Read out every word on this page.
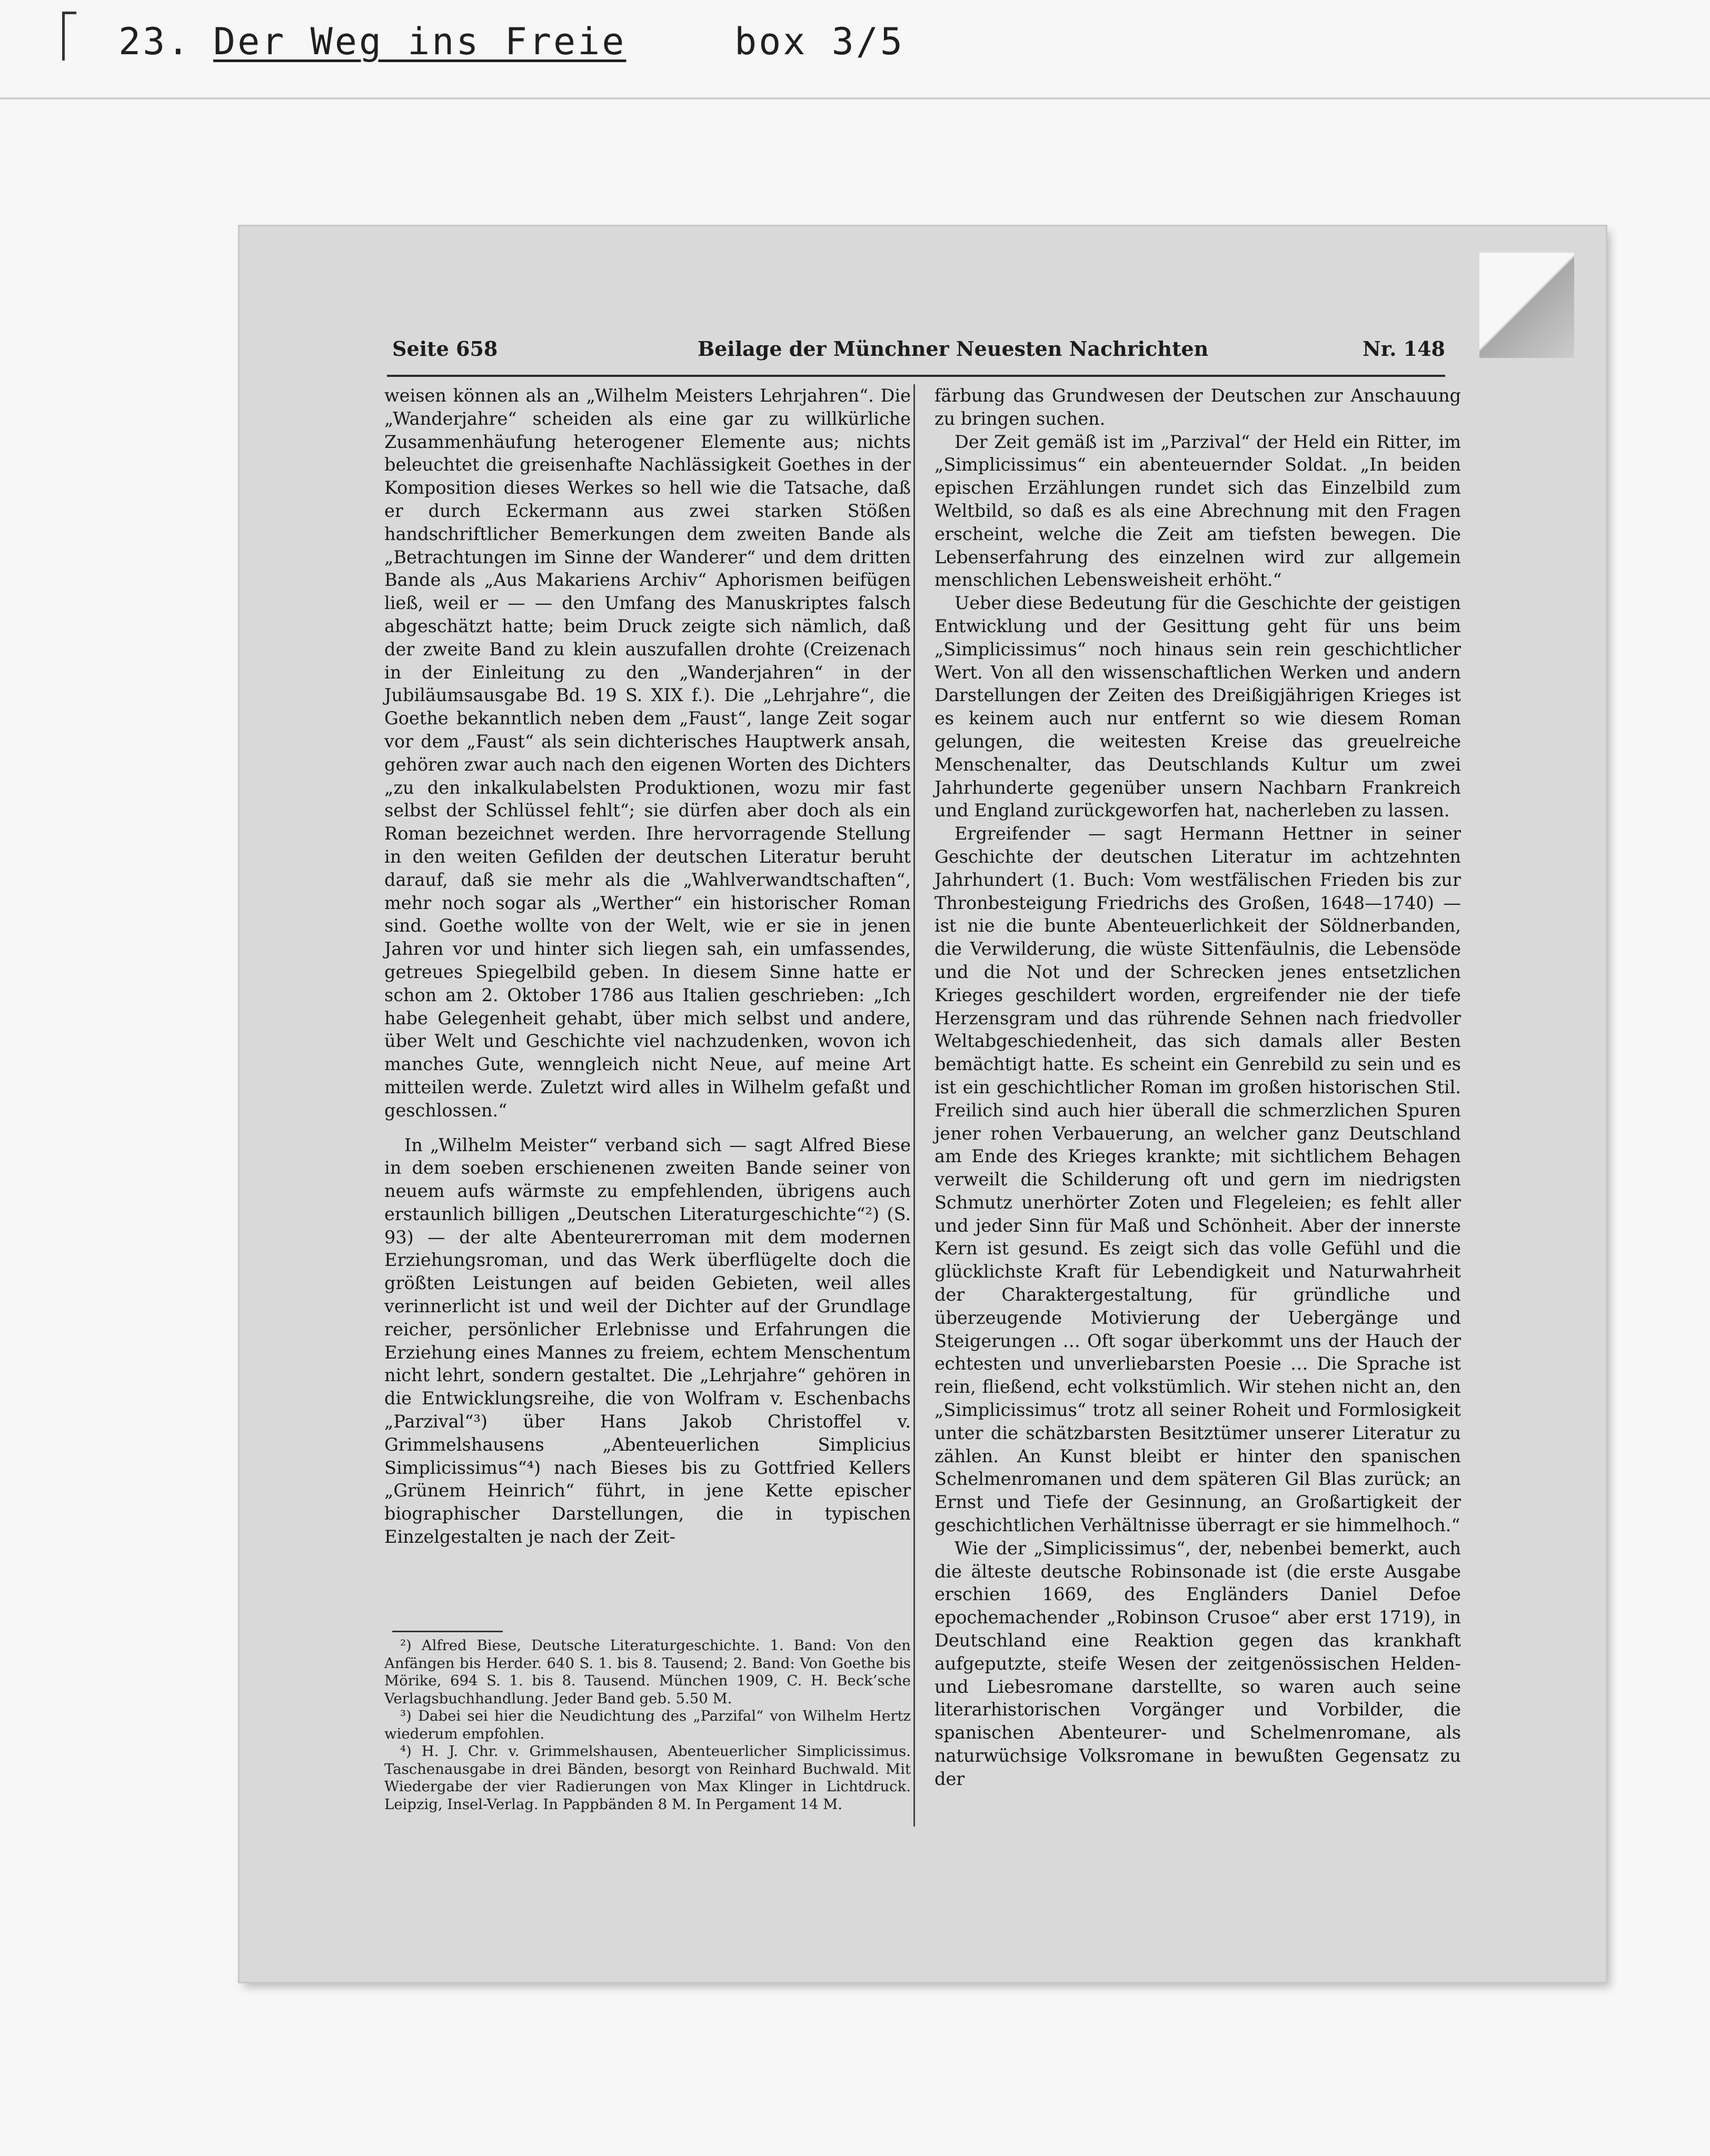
23. Der Weg ins Freie	box 3/5
Seite 658	Beilage der Münchner Neuesten Nachrichten	Nr. 148

weisen können als an „Wilhelm Meisters Lehrjahren“. Die „Wanderjahre“ scheiden als eine gar zu willkürliche Zusammenhäufung heterogener Elemente aus; nichts beleuchtet die greisenhafte Nachlässigkeit Goethes in der Komposition dieses Werkes so hell wie die Tatsache, daß er durch Eckermann aus zwei starken Stößen handschriftlicher Bemerkungen dem zweiten Bande als „Betrachtungen im Sinne der Wanderer“ und dem dritten Bande als „Aus Makariens Archiv“ Aphorismen beifügen ließ, weil er — — den Umfang des Manuskriptes falsch abgeschätzt hatte; beim Druck zeigte sich nämlich, daß der zweite Band zu klein auszufallen drohte (Creizenach in der Einleitung zu den „Wanderjahren“ in der Jubiläumsausgabe Bd. 19 S. XIX f.). Die „Lehrjahre“, die Goethe bekanntlich neben dem „Faust“, lange Zeit sogar vor dem „Faust“ als sein dichterisches Hauptwerk ansah, gehören zwar auch nach den eigenen Worten des Dichters „zu den inkalkulabelsten Produktionen, wozu mir fast selbst der Schlüssel fehlt“; sie dürfen aber doch als ein Roman bezeichnet werden. Ihre hervorragende Stellung in den weiten Gefilden der deutschen Literatur beruht darauf, daß sie mehr als die „Wahlverwandtschaften“, mehr noch sogar als „Werther“ ein historischer Roman sind. Goethe wollte von der Welt, wie er sie in jenen Jahren vor und hinter sich liegen sah, ein umfassendes, getreues Spiegelbild geben. In diesem Sinne hatte er schon am 2. Oktober 1786 aus Italien geschrieben: „Ich habe Gelegenheit gehabt, über mich selbst und andere, über Welt und Geschichte viel nachzudenken, wovon ich manches Gute, wenngleich nicht Neue, auf meine Art mitteilen werde. Zuletzt wird alles in Wilhelm gefaßt und geschlossen.“

In „Wilhelm Meister“ verband sich — sagt Alfred Biese in dem soeben erschienenen zweiten Bande seiner von neuem aufs wärmste zu empfehlenden, übrigens auch erstaunlich billigen „Deutschen Literaturgeschichte“²) (S. 93) — der alte Abenteurerroman mit dem modernen Erziehungsroman, und das Werk überflügelte doch die größten Leistungen auf beiden Gebieten, weil alles verinnerlicht ist und weil der Dichter auf der Grundlage reicher, persönlicher Erlebnisse und Erfahrungen die Erziehung eines Mannes zu freiem, echtem Menschentum nicht lehrt, sondern gestaltet. Die „Lehrjahre“ gehören in die Entwicklungsreihe, die von Wolfram v. Eschenbachs „Parzival“³) über Hans Jakob Christoffel v. Grimmelshausens „Abenteuerlichen Simplicius Simplicissimus“⁴) nach Bieses bis zu Gottfried Kellers „Grünem Heinrich“ führt, in jene Kette epischer biographischer Darstellungen, die in typischen Einzelgestalten je nach der Zeit-

²) Alfred Biese, Deutsche Literaturgeschichte. 1. Band: Von den Anfängen bis Herder. 640 S. 1. bis 8. Tausend; 2. Band: Von Goethe bis Mörike, 694 S. 1. bis 8. Tausend. München 1909, C. H. Beck’sche Verlagsbuchhandlung. Jeder Band geb. 5.50 M.

³) Dabei sei hier die Neudichtung des „Parzifal“ von Wilhelm Hertz wiederum empfohlen.

⁴) H. J. Chr. v. Grimmelshausen, Abenteuerlicher Simplicissimus. Taschenausgabe in drei Bänden, besorgt von Reinhard Buchwald. Mit Wiedergabe der vier Radierungen von Max Klinger in Lichtdruck. Leipzig, Insel-Verlag. In Pappbänden 8 M. In Pergament 14 M.

färbung das Grundwesen der Deutschen zur Anschauung zu bringen suchen.

Der Zeit gemäß ist im „Parzival“ der Held ein Ritter, im „Simplicissimus“ ein abenteuernder Soldat. „In beiden epischen Erzählungen rundet sich das Einzelbild zum Weltbild, so daß es als eine Abrechnung mit den Fragen erscheint, welche die Zeit am tiefsten bewegen. Die Lebenserfahrung des einzelnen wird zur allgemein menschlichen Lebensweisheit erhöht.“

Ueber diese Bedeutung für die Geschichte der geistigen Entwicklung und der Gesittung geht für uns beim „Simplicissimus“ noch hinaus sein rein geschichtlicher Wert. Von all den wissenschaftlichen Werken und andern Darstellungen der Zeiten des Dreißigjährigen Krieges ist es keinem auch nur entfernt so wie diesem Roman gelungen, die weitesten Kreise das greuelreiche Menschenalter, das Deutschlands Kultur um zwei Jahrhunderte gegenüber unsern Nachbarn Frankreich und England zurückgeworfen hat, nacherleben zu lassen.

Ergreifender — sagt Hermann Hettner in seiner Geschichte der deutschen Literatur im achtzehnten Jahrhundert (1. Buch: Vom westfälischen Frieden bis zur Thronbesteigung Friedrichs des Großen, 1648—1740) — ist nie die bunte Abenteuerlichkeit der Söldnerbanden, die Verwilderung, die wüste Sittenfäulnis, die Lebensöde und die Not und der Schrecken jenes entsetzlichen Krieges geschildert worden, ergreifender nie der tiefe Herzensgram und das rührende Sehnen nach friedvoller Weltabgeschiedenheit, das sich damals aller Besten bemächtigt hatte. Es scheint ein Genrebild zu sein und es ist ein geschichtlicher Roman im großen historischen Stil. Freilich sind auch hier überall die schmerzlichen Spuren jener rohen Verbauerung, an welcher ganz Deutschland am Ende des Krieges krankte; mit sichtlichem Behagen verweilt die Schilderung oft und gern im niedrigsten Schmutz unerhörter Zoten und Flegeleien; es fehlt aller und jeder Sinn für Maß und Schönheit. Aber der innerste Kern ist gesund. Es zeigt sich das volle Gefühl und die glücklichste Kraft für Lebendigkeit und Naturwahrheit der Charaktergestaltung, für gründliche und überzeugende Motivierung der Uebergänge und Steigerungen … Oft sogar überkommt uns der Hauch der echtesten und unverliebarsten Poesie … Die Sprache ist rein, fließend, echt volkstümlich. Wir stehen nicht an, den „Simplicissimus“ trotz all seiner Roheit und Formlosigkeit unter die schätzbarsten Besitztümer unserer Literatur zu zählen. An Kunst bleibt er hinter den spanischen Schelmenromanen und dem späteren Gil Blas zurück; an Ernst und Tiefe der Gesinnung, an Großartigkeit der geschichtlichen Verhältnisse überragt er sie himmelhoch.“

Wie der „Simplicissimus“, der, nebenbei bemerkt, auch die älteste deutsche Robinsonade ist (die erste Ausgabe erschien 1669, des Engländers Daniel Defoe epochemachender „Robinson Crusoe“ aber erst 1719), in Deutschland eine Reaktion gegen das krankhaft aufgeputzte, steife Wesen der zeitgenössischen Helden- und Liebesromane darstellte, so waren auch seine literarhistorischen Vorgänger und Vorbilder, die spanischen Abenteurer- und Schelmenromane, als naturwüchsige Volksromane in bewußten Gegensatz zu der
